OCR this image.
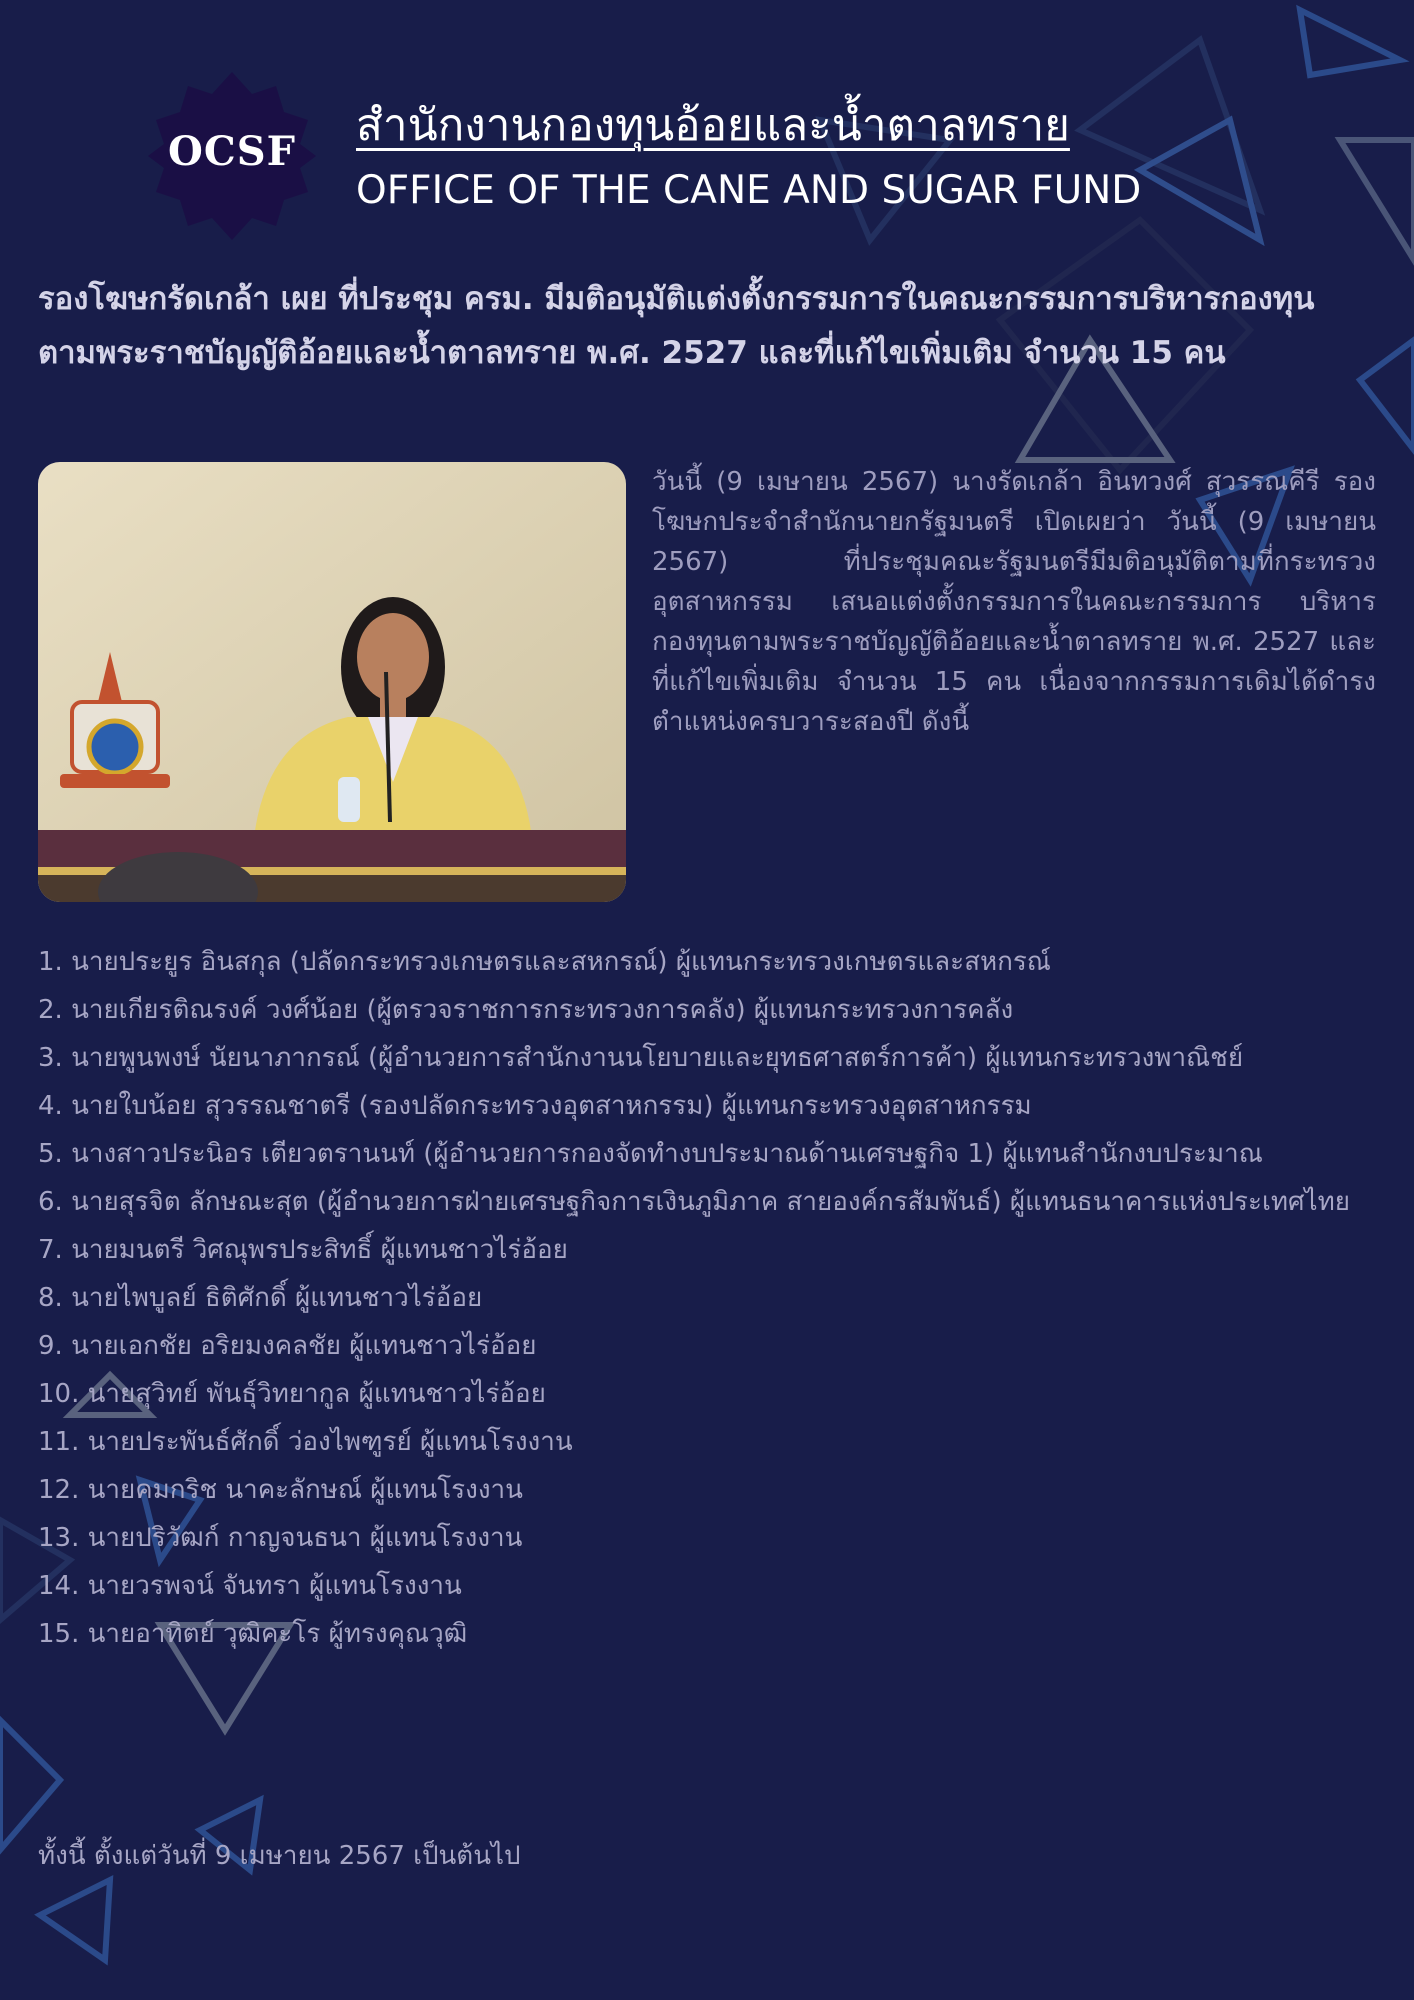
OCSF
สำนักงานกองทุนอ้อยและน้ำตาลทราย
OFFICE OF THE CANE AND SUGAR FUND
รองโฆษกรัดเกล้า เผย ที่ประชุม ครม. มีมติอนุมัติแต่งตั้งกรรมการในคณะกรรมการบริหารกองทุนตามพระราชบัญญัติอ้อยและน้ำตาลทราย พ.ศ. 2527 และที่แก้ไขเพิ่มเติม จำนวน 15 คน
วันนี้ (9 เมษายน 2567) นางรัดเกล้า อินทวงศ์ สุวรรณคีรี รองโฆษกประจำสำนักนายกรัฐมนตรี เปิดเผยว่า วันนี้ (9 เมษายน 2567) ที่ประชุมคณะรัฐมนตรีมีมติอนุมัติตามที่กระทรวงอุตสาหกรรม เสนอแต่งตั้งกรรมการในคณะกรรมการ บริหารกองทุนตามพระราชบัญญัติอ้อยและน้ำตาลทราย พ.ศ. 2527 และที่แก้ไขเพิ่มเติม จำนวน 15 คน เนื่องจากกรรมการเดิมได้ดำรงตำแหน่งครบวาระสองปี ดังนี้
1. นายประยูร อินสกุล (ปลัดกระทรวงเกษตรและสหกรณ์) ผู้แทนกระทรวงเกษตรและสหกรณ์
2. นายเกียรติณรงค์ วงศ์น้อย (ผู้ตรวจราชการกระทรวงการคลัง) ผู้แทนกระทรวงการคลัง
3. นายพูนพงษ์ นัยนาภากรณ์ (ผู้อำนวยการสำนักงานนโยบายและยุทธศาสตร์การค้า) ผู้แทนกระทรวงพาณิชย์
4. นายใบน้อย สุวรรณชาตรี (รองปลัดกระทรวงอุตสาหกรรม) ผู้แทนกระทรวงอุตสาหกรรม
5. นางสาวประนิอร เตียวตรานนท์ (ผู้อำนวยการกองจัดทำงบประมาณด้านเศรษฐกิจ 1) ผู้แทนสำนักงบประมาณ
6. นายสุรจิต ลักษณะสุต (ผู้อำนวยการฝ่ายเศรษฐกิจการเงินภูมิภาค สายองค์กรสัมพันธ์) ผู้แทนธนาคารแห่งประเทศไทย
7. นายมนตรี วิศณุพรประสิทธิ์ ผู้แทนชาวไร่อ้อย
8. นายไพบูลย์ ธิติศักดิ์ ผู้แทนชาวไร่อ้อย
9. นายเอกชัย อริยมงคลชัย ผู้แทนชาวไร่อ้อย
10. นายสุวิทย์ พันธุ์วิทยากูล ผู้แทนชาวไร่อ้อย
11. นายประพันธ์ศักดิ์ ว่องไพฑูรย์ ผู้แทนโรงงาน
12. นายคมกริช นาคะลักษณ์ ผู้แทนโรงงาน
13. นายปริวัฒก์ กาญจนธนา ผู้แทนโรงงาน
14. นายวรพจน์ จันทรา ผู้แทนโรงงาน
15. นายอาทิตย์ วุฒิคะโร ผู้ทรงคุณวุฒิ
ทั้งนี้ ตั้งแต่วันที่ 9 เมษายน 2567 เป็นต้นไป
